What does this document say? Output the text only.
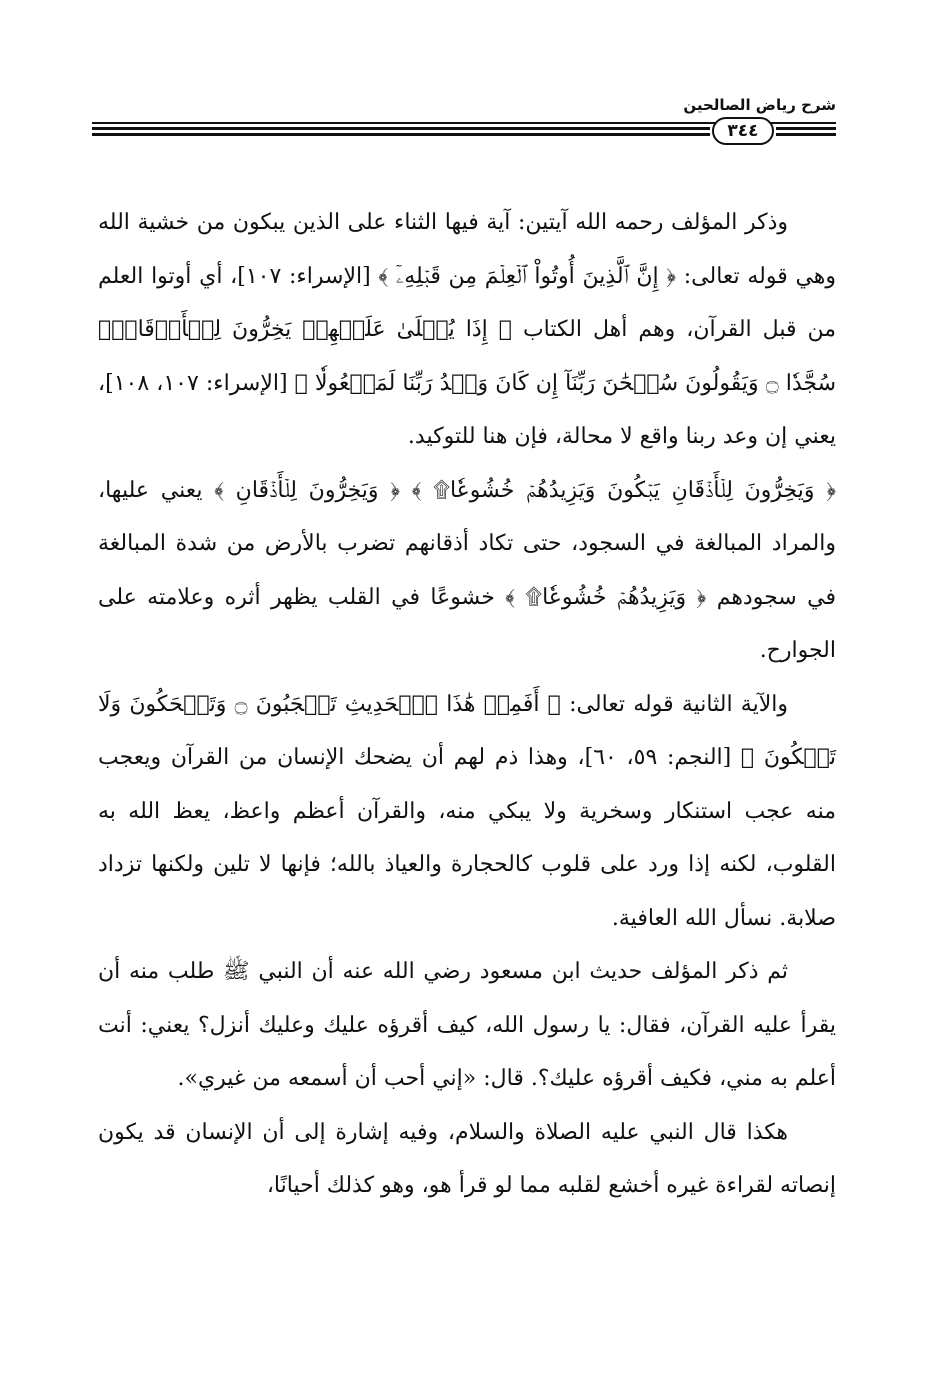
شرح رياض الصالحين
٣٤٤

وذكر المؤلف رحمه الله آيتين: آية فيها الثناء على الذين يبكون من خشية الله وهي قوله تعالى: ﴿ إِنَّ ٱلَّذِينَ أُوتُواْ ٱلۡعِلۡمَ مِن قَبۡلِهِۦٓ ﴾ [الإسراء: ١٠٧]، أي أوتوا العلم من قبل القرآن، وهم أهل الكتاب ﴿ إِذَا يُتۡلَىٰ عَلَيۡهِمۡ يَخِرُّونَ لِلۡأَذۡقَانِۤ سُجَّدٗا ۝ وَيَقُولُونَ سُبۡحَٰنَ رَبِّنَآ إِن كَانَ وَعۡدُ رَبِّنَا لَمَفۡعُولٗا ﴾ [الإسراء: ١٠٧، ١٠٨]، يعني إن وعد ربنا واقع لا محالة، فإن هنا للتوكيد.

﴿ وَيَخِرُّونَ لِلۡأَذۡقَانِ يَبۡكُونَ وَيَزِيدُهُمۡ خُشُوعٗا۩ ﴾ ﴿ وَيَخِرُّونَ لِلۡأَذۡقَانِ ﴾ يعني عليها، والمراد المبالغة في السجود، حتى تكاد أذقانهم تضرب بالأرض من شدة المبالغة في سجودهم ﴿ وَيَزِيدُهُمۡ خُشُوعٗا۩ ﴾ خشوعًا في القلب يظهر أثره وعلامته على الجوارح.

والآية الثانية قوله تعالى: ﴿ أَفَمِنۡ هَٰذَا ٱلۡحَدِيثِ تَعۡجَبُونَ ۝ وَتَضۡحَكُونَ وَلَا تَبۡكُونَ ﴾ [النجم: ٥٩، ٦٠]، وهذا ذم لهم أن يضحك الإنسان من القرآن ويعجب منه عجب استنكار وسخرية ولا يبكي منه، والقرآن أعظم واعظ، يعظ الله به القلوب، لكنه إذا ورد على قلوب كالحجارة والعياذ بالله؛ فإنها لا تلين ولكنها تزداد صلابة. نسأل الله العافية.

ثم ذكر المؤلف حديث ابن مسعود رضي الله عنه أن النبي ﷺ طلب منه أن يقرأ عليه القرآن، فقال: يا رسول الله، كيف أقرؤه عليك وعليك أنزل؟ يعني: أنت أعلم به مني، فكيف أقرؤه عليك؟. قال: «إني أحب أن أسمعه من غيري».

هكذا قال النبي عليه الصلاة والسلام، وفيه إشارة إلى أن الإنسان قد يكون إنصاته لقراءة غيره أخشع لقلبه مما لو قرأ هو، وهو كذلك أحيانًا،
